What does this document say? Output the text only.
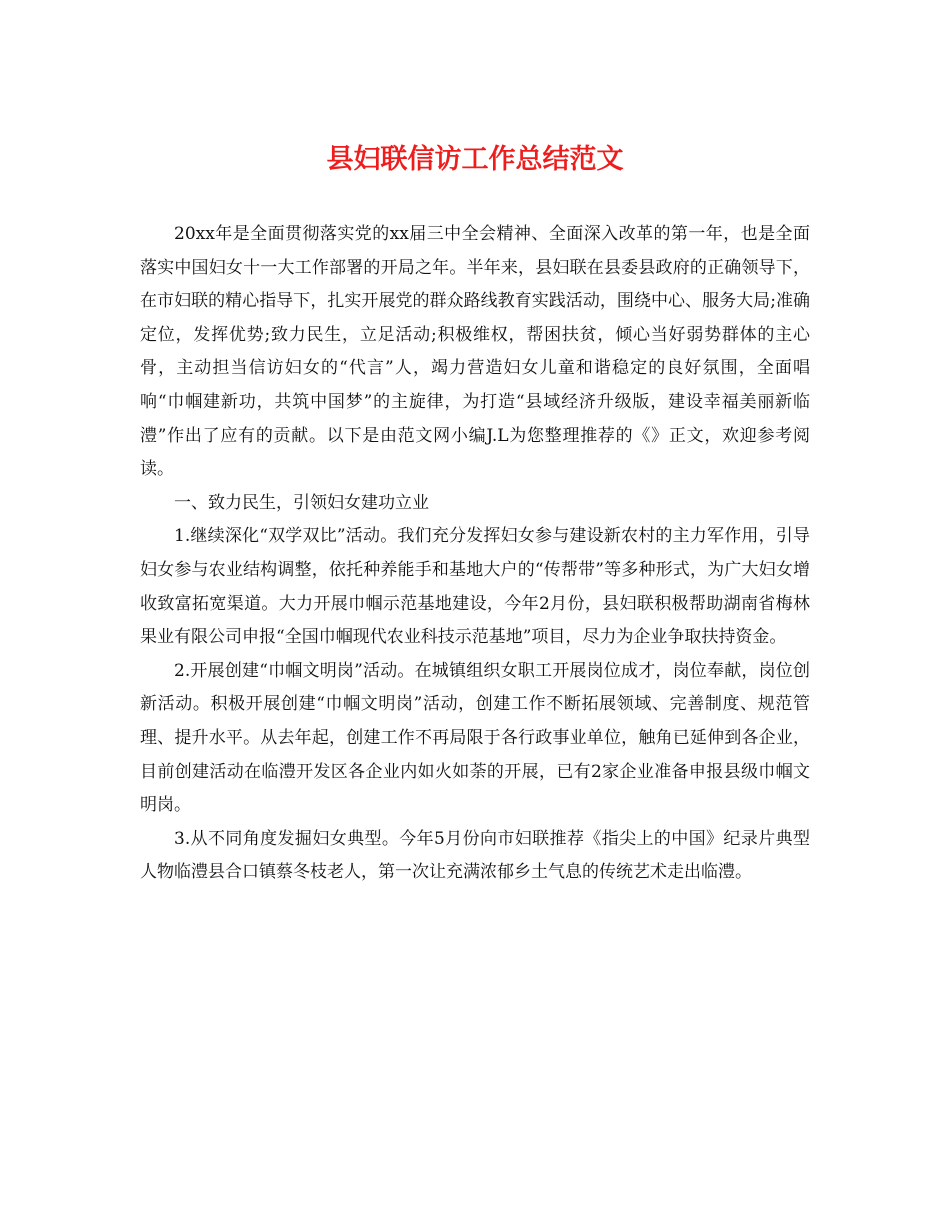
县妇联信访工作总结范文

20xx年是全面贯彻落实党的xx届三中全会精神、全面深入改革的第一年，也是全面落实中国妇女十一大工作部署的开局之年。半年来，县妇联在县委县政府的正确领导下，在市妇联的精心指导下，扎实开展党的群众路线教育实践活动，围绕中心、服务大局;准确定位，发挥优势;致力民生，立足活动;积极维权，帮困扶贫，倾心当好弱势群体的主心骨，主动担当信访妇女的“代言”人，竭力营造妇女儿童和谐稳定的良好氛围，全面唱响“巾帼建新功，共筑中国梦”的主旋律，为打造“县域经济升级版，建设幸福美丽新临澧”作出了应有的贡献。以下是由范文网小编J.L为您整理推荐的《》正文，欢迎参考阅读。

一、致力民生，引领妇女建功立业

1.继续深化“双学双比”活动。我们充分发挥妇女参与建设新农村的主力军作用，引导妇女参与农业结构调整，依托种养能手和基地大户的“传帮带”等多种形式，为广大妇女增收致富拓宽渠道。大力开展巾帼示范基地建设，今年2月份，县妇联积极帮助湖南省梅林果业有限公司申报“全国巾帼现代农业科技示范基地”项目，尽力为企业争取扶持资金。

2.开展创建“巾帼文明岗”活动。在城镇组织女职工开展岗位成才，岗位奉献，岗位创新活动。积极开展创建“巾帼文明岗”活动，创建工作不断拓展领域、完善制度、规范管理、提升水平。从去年起，创建工作不再局限于各行政事业单位，触角已延伸到各企业，目前创建活动在临澧开发区各企业内如火如荼的开展，已有2家企业准备申报县级巾帼文明岗。

3.从不同角度发掘妇女典型。今年5月份向市妇联推荐《指尖上的中国》纪录片典型人物临澧县合口镇蔡冬枝老人，第一次让充满浓郁乡土气息的传统艺术走出临澧。
